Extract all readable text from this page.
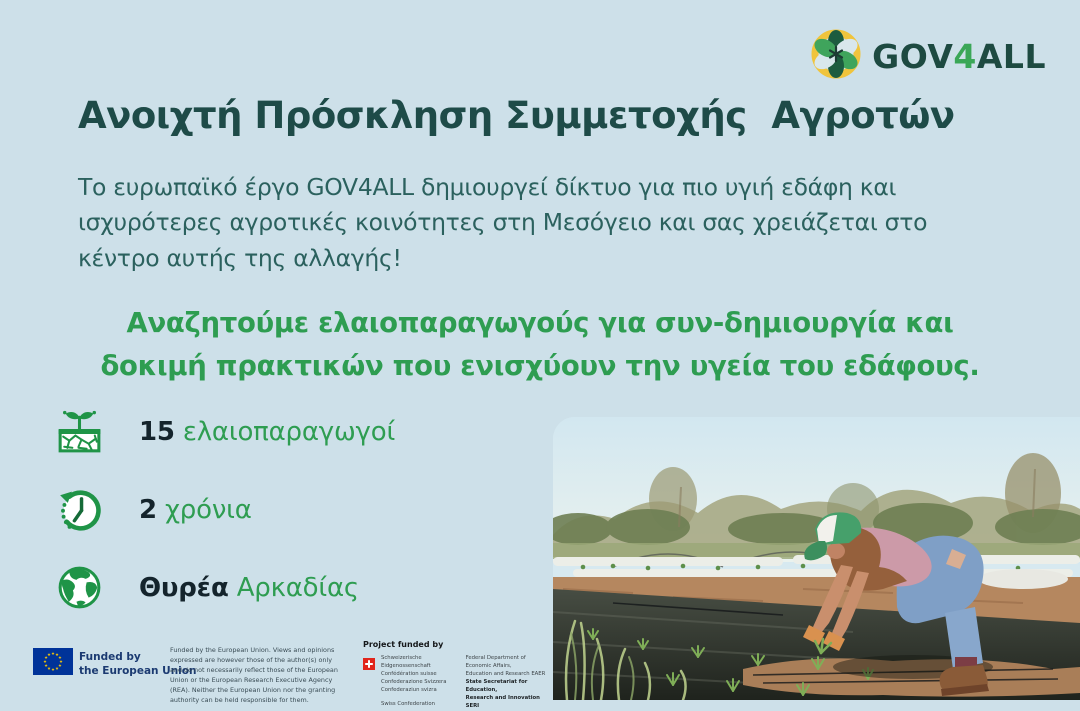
GOV4ALL
Ανοιχτή Πρόσκληση Συμμετοχής  Αγροτών
Το ευρωπαϊκό έργο GOV4ALL δημιουργεί δίκτυο για πιο υγιή εδάφη και ισχυρότερες αγροτικές κοινότητες στη Μεσόγειο και σας χρειάζεται στο κέντρο αυτής της αλλαγής!
Αναζητούμε ελαιοπαραγωγούς για συν-δημιουργία και
δοκιμή πρακτικών που ενισχύουν την υγεία του εδάφους.
15 ελαιοπαραγωγοί
2 χρόνια
Θυρέα Αρκαδίας
Funded by
the European Union
Funded by the European Union. Views and opinions expressed are however those of the author(s) only and do not necessarily reflect those of the European Union or the European Research Executive Agency (REA). Neither the European Union nor the granting authority can be held responsible for them.
Project funded by
Schweizerische Eidgenossenschaft
Confédération suisse
Confederazione Svizzera
Confederaziun svizra
Swiss Confederation
Federal Department of Economic Affairs,
Education and Research EAER
State Secretariat for Education,
Research and Innovation SERI
